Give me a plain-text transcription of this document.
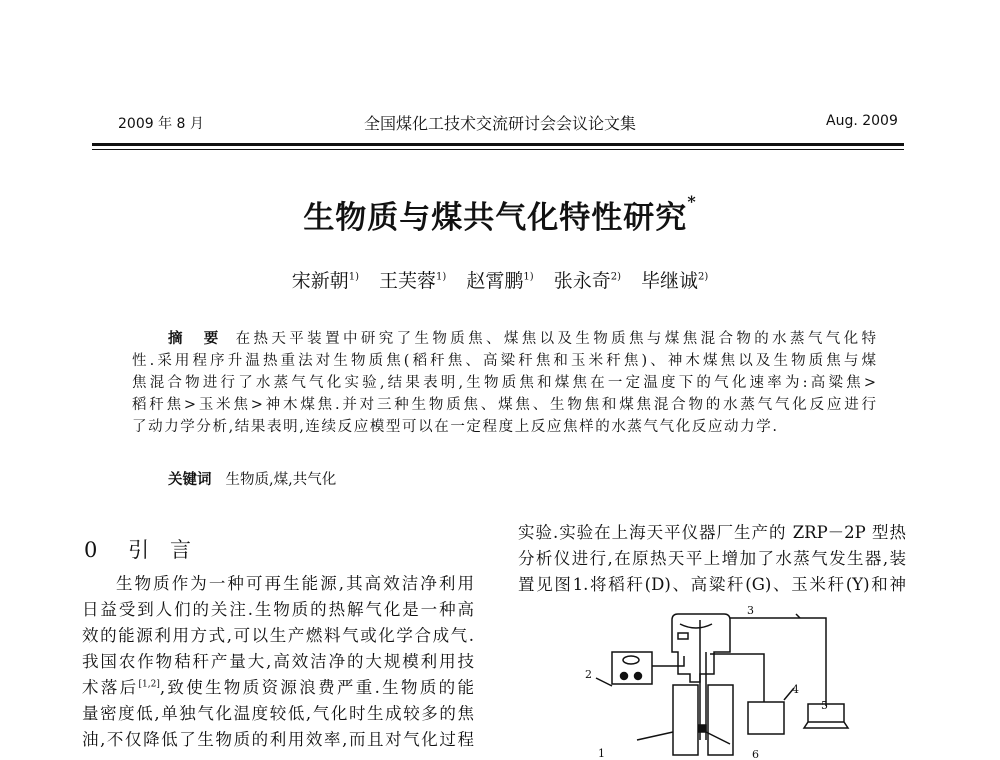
2009 年 8 月	全国煤化工技术交流研讨会会议论文集	Aug. 2009
生物质与煤共气化特性研究*
宋新朝$^{1)}$ 王芙蓉$^{1)}$ 赵霄鹏$^{1)}$ 张永奇$^{2)}$ 毕继诚$^{2)}$
摘　要 在热天平装置中研究了生物质焦、煤焦以及生物质焦与煤焦混合物的水蒸气气化特
性.采用程序升温热重法对生物质焦(稻秆焦、高粱秆焦和玉米秆焦)、神木煤焦以及生物质焦与煤
焦混合物进行了水蒸气气化实验,结果表明,生物质焦和煤焦在一定温度下的气化速率为:高粱焦>
稻秆焦>玉米焦>神木煤焦.并对三种生物质焦、煤焦、生物焦和煤焦混合物的水蒸气气化反应进行
了动力学分析,结果表明,连续反应模型可以在一定程度上反应焦样的水蒸气气化反应动力学.
关键词 生物质,煤,共气化
0 引　言
生物质作为一种可再生能源,其高效洁净利用
日益受到人们的关注.生物质的热解气化是一种高
效的能源利用方式,可以生产燃料气或化学合成气.
我国农作物秸秆产量大,高效洁净的大规模利用技
术落后[1,2],致使生物质资源浪费严重.生物质的能
量密度低,单独气化温度较低,气化时生成较多的焦
油,不仅降低了生物质的利用效率,而且对气化过程
实验.实验在上海天平仪器厂生产的 ZRP－2P 型热
分析仪进行,在原热天平上增加了水蒸气发生器,装
置见图1.将稻秆(D)、高粱秆(G)、玉米秆(Y)和神
1
2
3
4
5
6
